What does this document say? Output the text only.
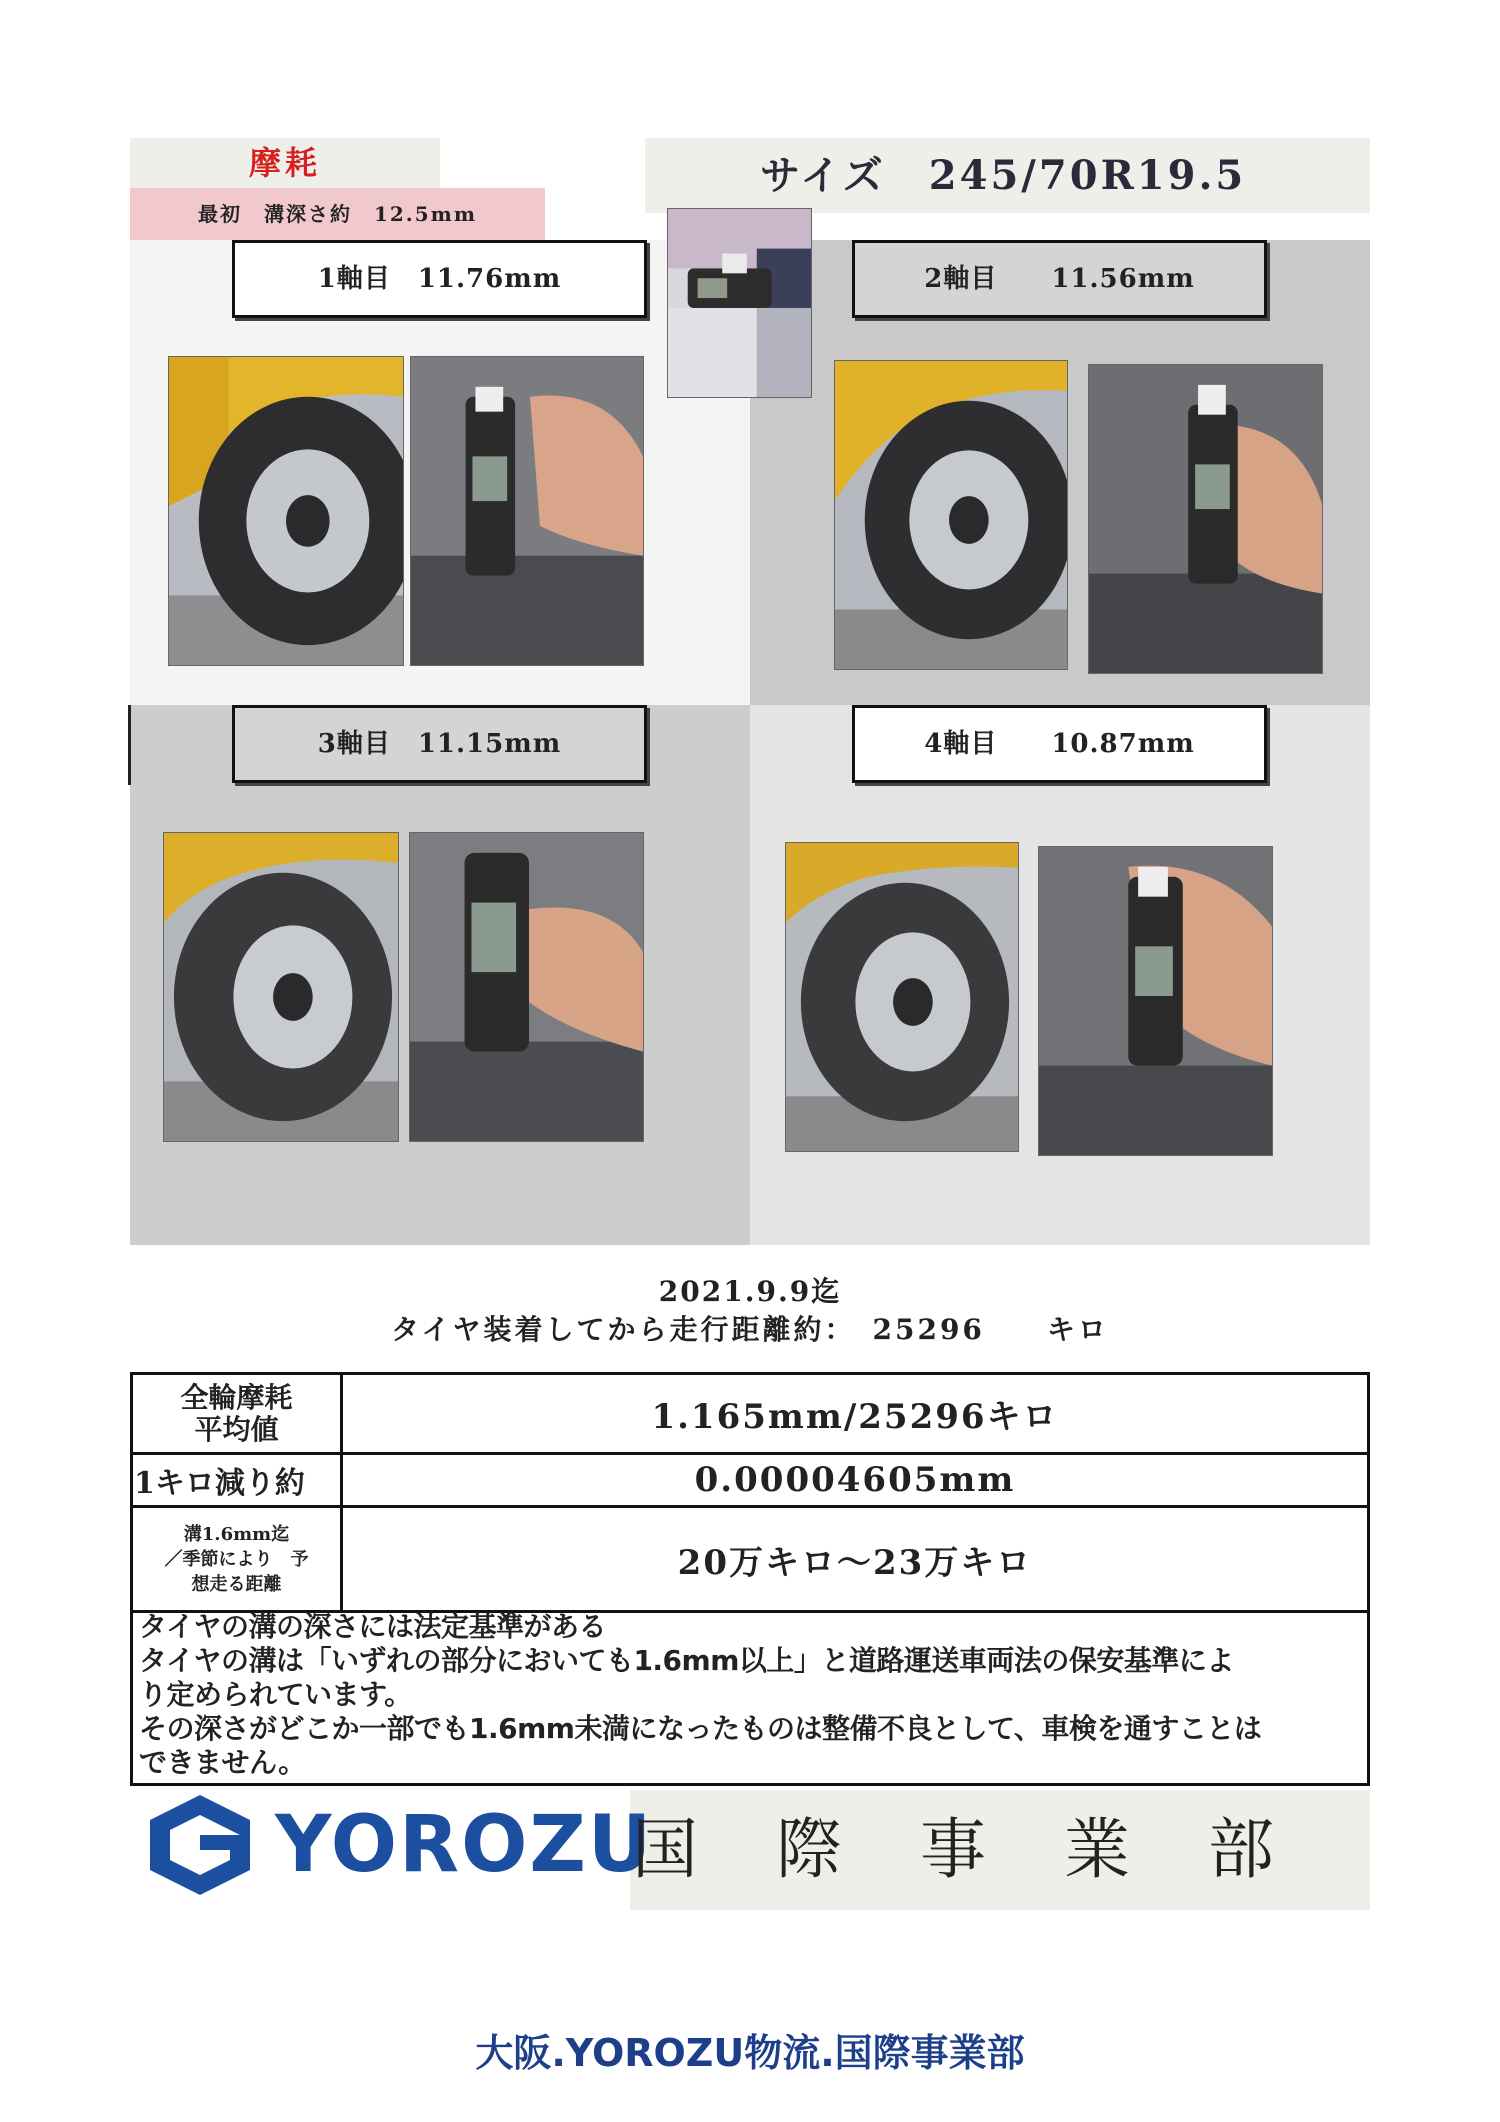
摩耗
最初　溝深さ約　12.5mm
サイズ　245/70R19.5
1軸目　11.76mm	2軸目　　11.56mm
3軸目　11.15mm	4軸目　　10.87mm
2021.9.9迄
タイヤ装着してから走行距離約：　25296　　キロ
全輪摩耗
平均値	1.165mm/25296キロ
1キロ減り約	0.00004605mm

溝1.6mm迄
／季節により　予
想走る距離	20万キロ～23万キロ
タイヤの溝の深さには法定基準がある
タイヤの溝は「いずれの部分においても1.6mm以上」と道路運送車両法の保安基準によ
り定められています。
その深さがどこか一部でも1.6mm未満になったものは整備不良として、車検を通すことは
できません。
YOROZU
国際事業部
大阪.YOROZU物流.国際事業部
